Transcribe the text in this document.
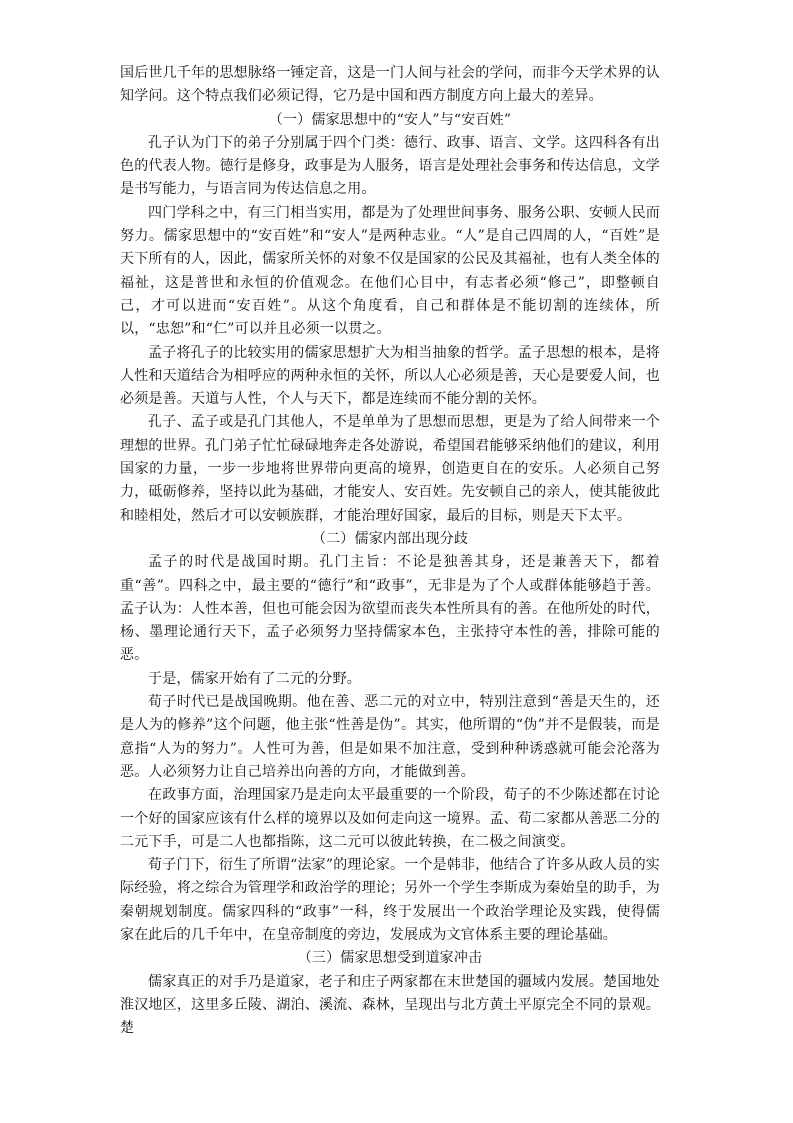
国后世几千年的思想脉络一锤定音，这是一门人间与社会的学问，而非今天学术界的认知学问。这个特点我们必须记得，它乃是中国和西方制度方向上最大的差异。

（一）儒家思想中的“安人”与“安百姓”

孔子认为门下的弟子分别属于四个门类：德行、政事、语言、文学。这四科各有出色的代表人物。德行是修身，政事是为人服务，语言是处理社会事务和传达信息，文学是书写能力，与语言同为传达信息之用。

四门学科之中，有三门相当实用，都是为了处理世间事务、服务公职、安顿人民而努力。儒家思想中的“安百姓”和“安人”是两种志业。“人”是自己四周的人，“百姓”是天下所有的人，因此，儒家所关怀的对象不仅是国家的公民及其福祉，也有人类全体的福祉，这是普世和永恒的价值观念。在他们心目中，有志者必须“修己”，即整顿自己，才可以进而“安百姓”。从这个角度看，自己和群体是不能切割的连续体，所以，“忠恕”和“仁”可以并且必须一以贯之。

孟子将孔子的比较实用的儒家思想扩大为相当抽象的哲学。孟子思想的根本，是将人性和天道结合为相呼应的两种永恒的关怀，所以人心必须是善，天心是要爱人间，也必须是善。天道与人性，个人与天下，都是连续而不能分割的关怀。

孔子、孟子或是孔门其他人，不是单单为了思想而思想，更是为了给人间带来一个理想的世界。孔门弟子忙忙碌碌地奔走各处游说，希望国君能够采纳他们的建议，利用国家的力量，一步一步地将世界带向更高的境界，创造更自在的安乐。人必须自己努力，砥砺修养，坚持以此为基础，才能安人、安百姓。先安顿自己的亲人，使其能彼此和睦相处，然后才可以安顿族群，才能治理好国家，最后的目标，则是天下太平。

（二）儒家内部出现分歧

孟子的时代是战国时期。孔门主旨：不论是独善其身，还是兼善天下，都着重“善”。四科之中，最主要的“德行”和“政事”，无非是为了个人或群体能够趋于善。孟子认为：人性本善，但也可能会因为欲望而丧失本性所具有的善。在他所处的时代，杨、墨理论通行天下，孟子必须努力坚持儒家本色，主张持守本性的善，排除可能的恶。

于是，儒家开始有了二元的分野。

荀子时代已是战国晚期。他在善、恶二元的对立中，特别注意到“善是天生的，还是人为的修养”这个问题，他主张“性善是伪”。其实，他所谓的“伪”并不是假装，而是意指“人为的努力”。人性可为善，但是如果不加注意，受到种种诱惑就可能会沦落为恶。人必须努力让自己培养出向善的方向，才能做到善。

在政事方面，治理国家乃是走向太平最重要的一个阶段，荀子的不少陈述都在讨论一个好的国家应该有什么样的境界以及如何走向这一境界。孟、荀二家都从善恶二分的二元下手，可是二人也都指陈，这二元可以彼此转换，在二极之间演变。

荀子门下，衍生了所谓“法家”的理论家。一个是韩非，他结合了许多从政人员的实际经验，将之综合为管理学和政治学的理论；另外一个学生李斯成为秦始皇的助手，为秦朝规划制度。儒家四科的“政事”一科，终于发展出一个政治学理论及实践，使得儒家在此后的几千年中，在皇帝制度的旁边，发展成为文官体系主要的理论基础。

（三）儒家思想受到道家冲击

儒家真正的对手乃是道家，老子和庄子两家都在末世楚国的疆域内发展。楚国地处淮汉地区，这里多丘陵、湖泊、溪流、森林，呈现出与北方黄土平原完全不同的景观。楚
